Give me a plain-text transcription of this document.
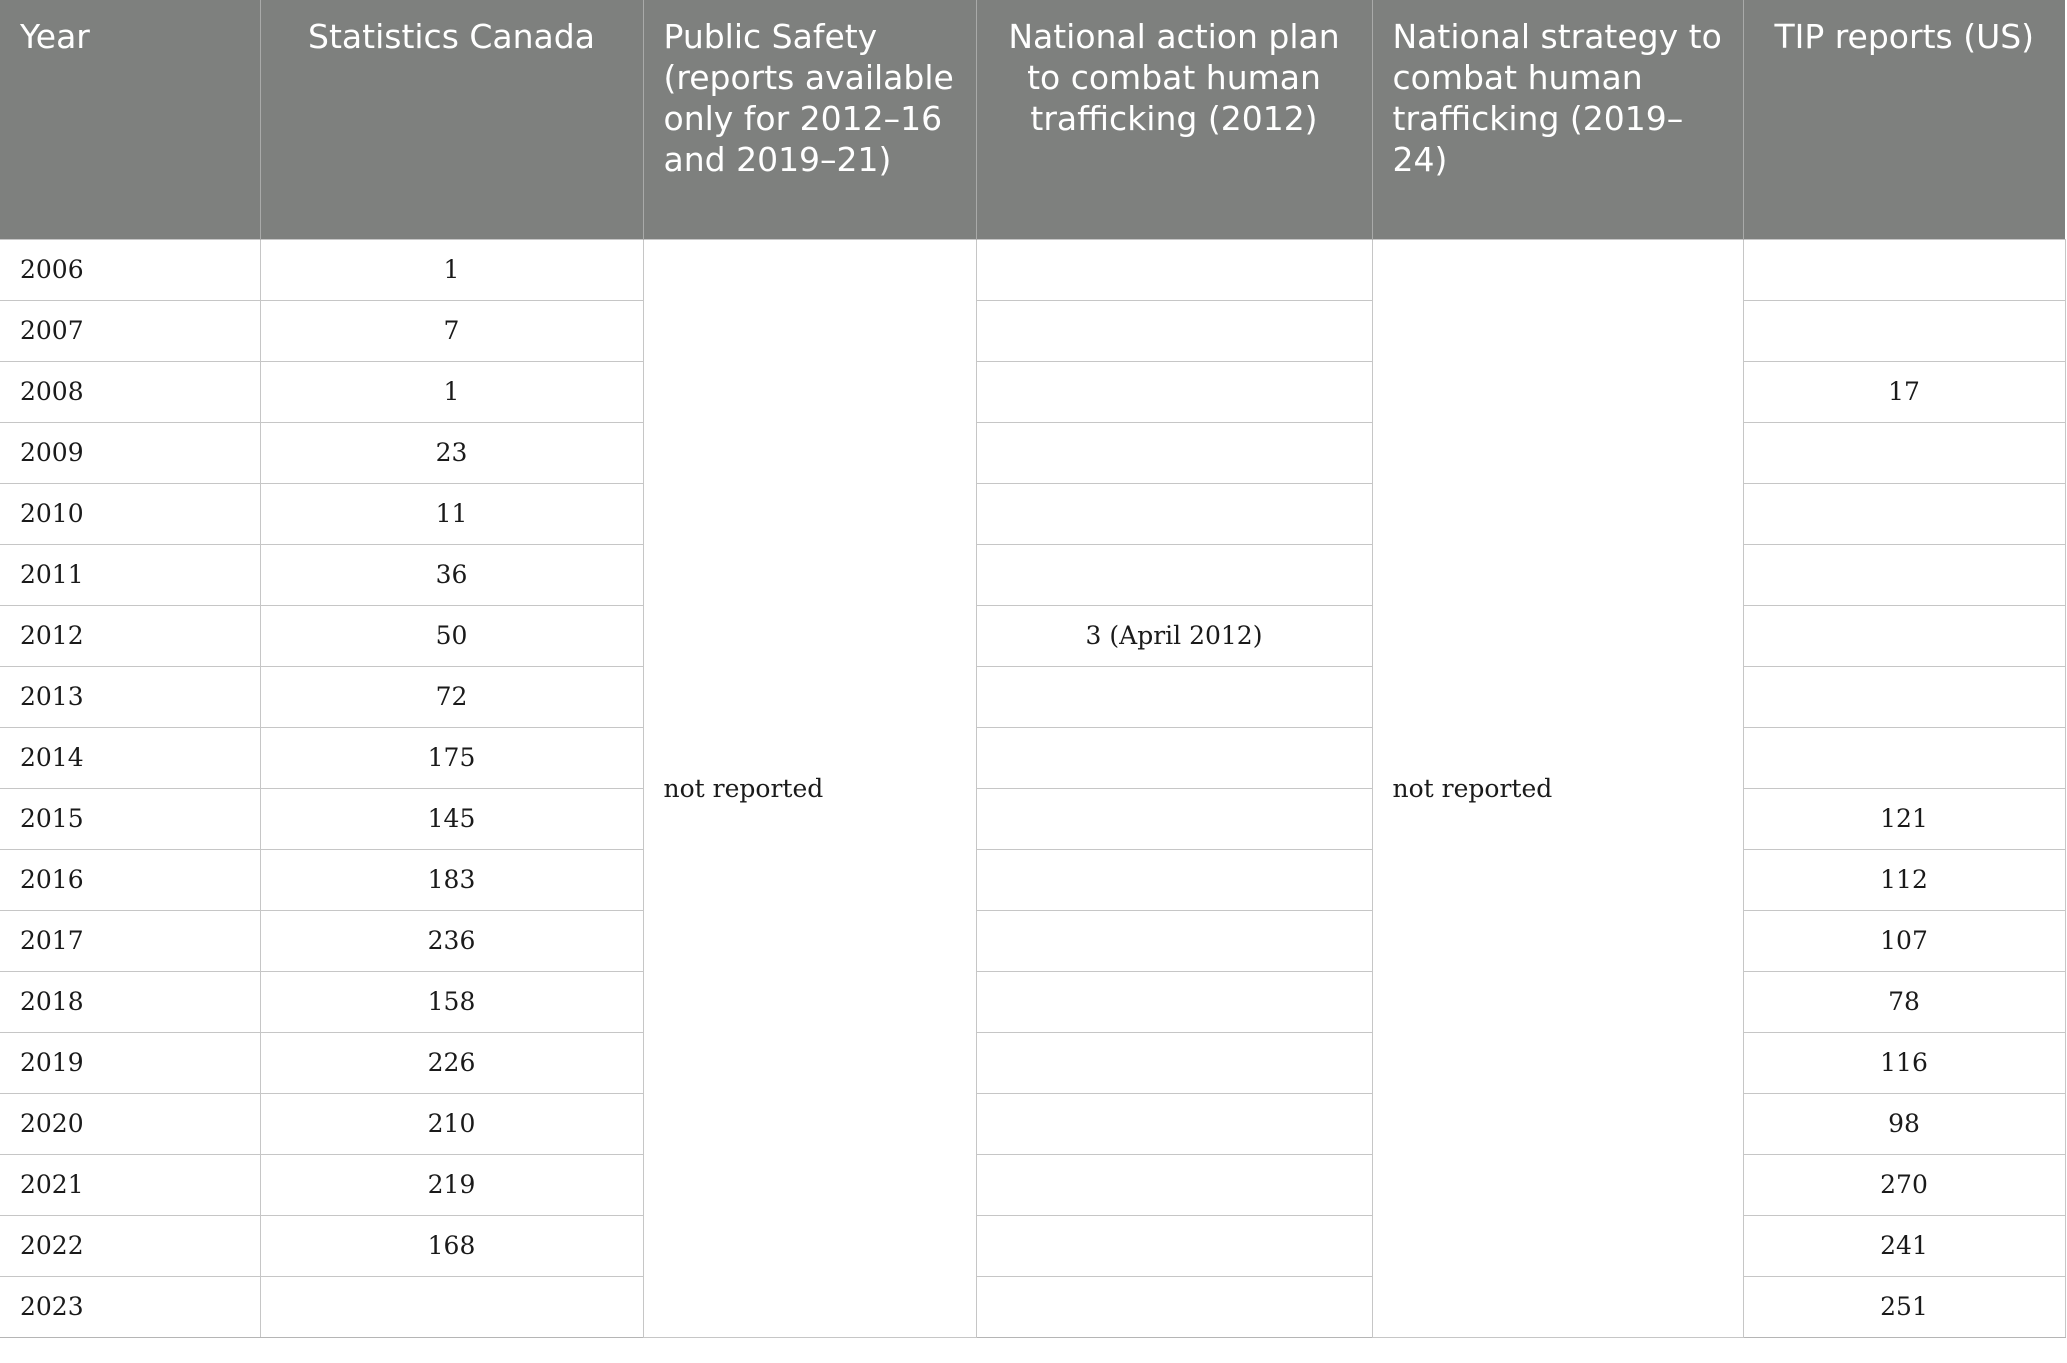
Year	Statistics Canada	Public Safety (reports available only for 2012–16 and 2019–21)	National action plan to combat human trafficking (2012)	National strategy to combat human trafficking (2019–24)	TIP reports (US)
2006	1	not reported		not reported	
2007	7				
2008	1				17
2009	23				
2010	11				
2011	36				
2012	50		3 (April 2012)		
2013	72				
2014	175				
2015	145				121
2016	183				112
2017	236				107
2018	158				78
2019	226				116
2020	210				98
2021	219				270
2022	168				241
2023					251
